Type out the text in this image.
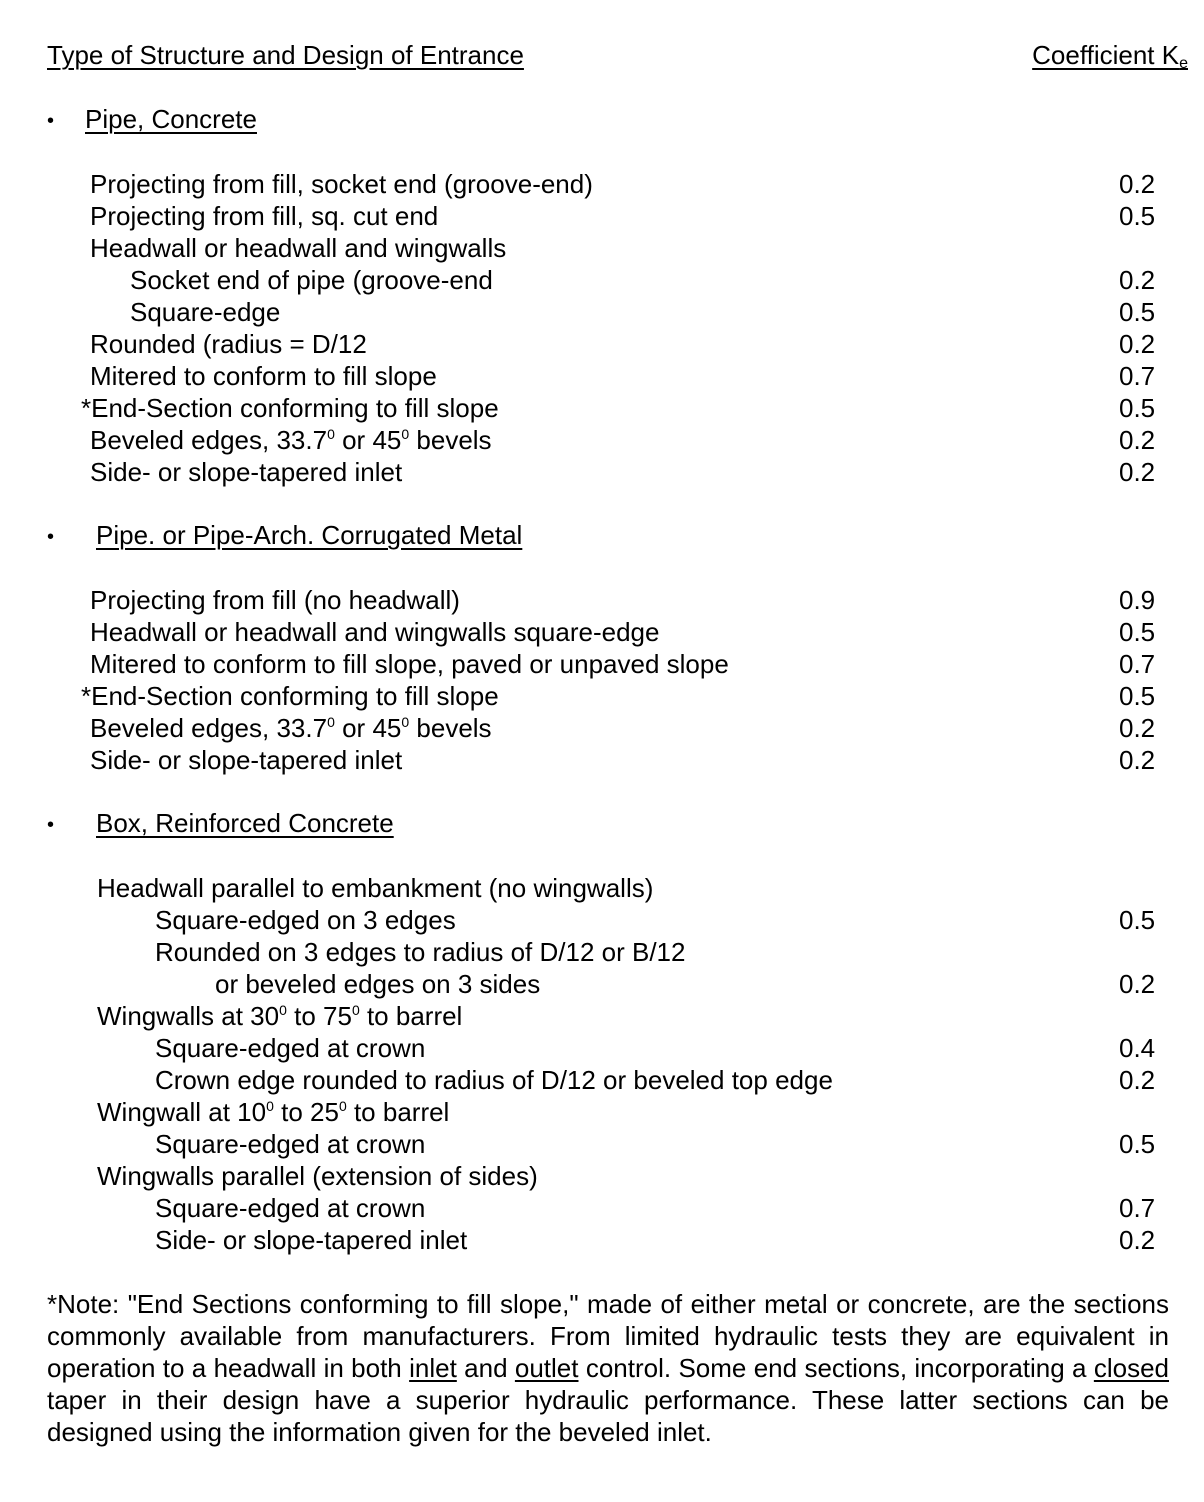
Type of Structure and Design of Entrance	Coefficient $K_e$
• Pipe, Concrete
Projecting from fill, socket end (groove-end)	0.2
Projecting from fill, sq. cut end	0.5
Headwall or headwall and wingwalls
Socket end of pipe (groove-end	0.2
Square-edge	0.5
Rounded (radius = D/12	0.2
Mitered to conform to fill slope	0.7
*End-Section conforming to fill slope	0.5
Beveled edges, 33.7$^0$ or $45^0$ bevels	0.2
Side- or slope-tapered inlet	0.2
• Pipe. or Pipe-Arch. Corrugated Metal
Projecting from fill (no headwall)	0.9
Headwall or headwall and wingwalls square-edge	0.5
Mitered to conform to fill slope, paved or unpaved slope	0.7
*End-Section conforming to fill slope	0.5
Beveled edges, 33.7$^0$ or $45^0$ bevels	0.2
Side- or slope-tapered inlet	0.2
• Box, Reinforced Concrete
Headwall parallel to embankment (no wingwalls)
Square-edged on 3 edges	0.5
Rounded on 3 edges to radius of D/12 or B/12
or beveled edges on 3 sides	0.2
Wingwalls at $30^0$ to $75^0$ to barrel
Square-edged at crown	0.4
Crown edge rounded to radius of D/12 or beveled top edge	0.2
Wingwall at $10^0$ to $25^0$ to barrel
Square-edged at crown	0.5
Wingwalls parallel (extension of sides)
Square-edged at crown	0.7
Side- or slope-tapered inlet	0.2
*Note: "End Sections conforming to fill slope," made of either metal or concrete, are the sections commonly available from manufacturers. From limited hydraulic tests they are equivalent in operation to a headwall in both inlet and outlet control. Some end sections, incorporating a closed taper in their design have a superior hydraulic performance. These latter sections can be designed using the information given for the beveled inlet.
